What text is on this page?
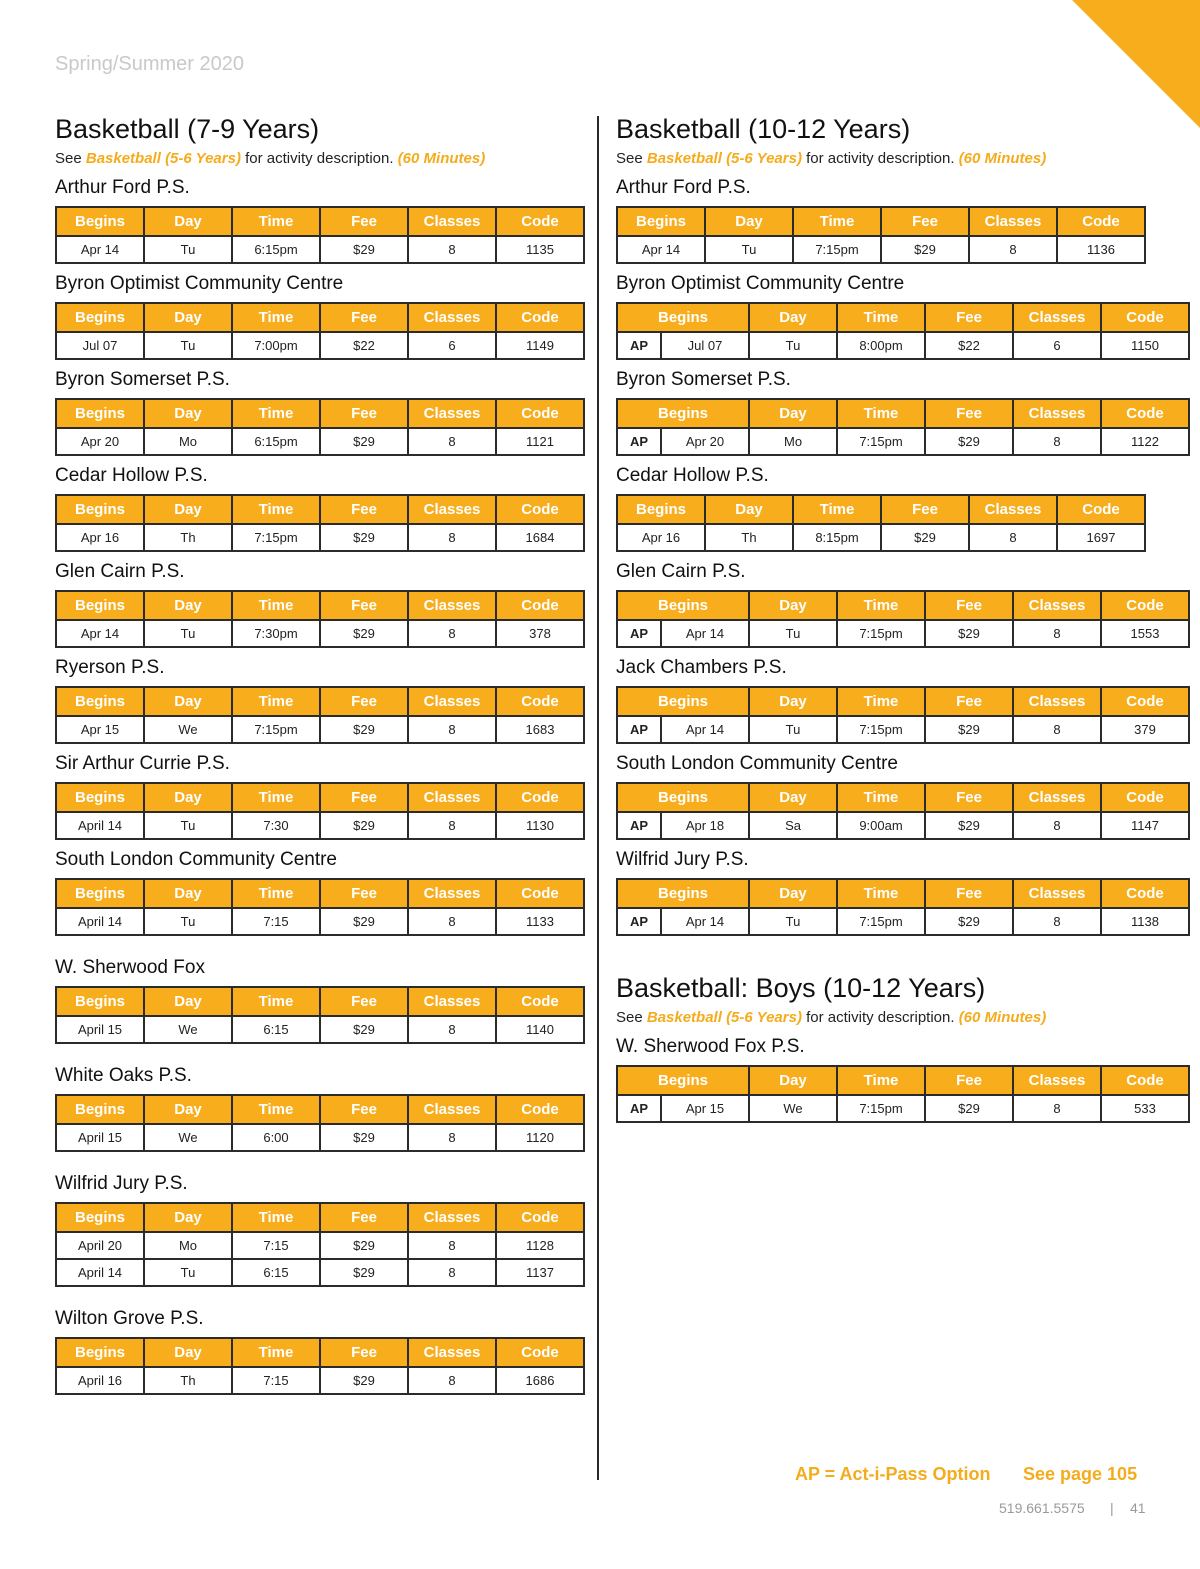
Spring/Summer 2020
Basketball (7-9 Years)
See Basketball (5-6 Years) for activity description. (60 Minutes)
Arthur Ford P.S.
Begins	Day	Time	Fee	Classes	Code
Apr 14	Tu	6:15pm	$29	8	1135
Byron Optimist Community Centre
Begins	Day	Time	Fee	Classes	Code
Jul 07	Tu	7:00pm	$22	6	1149
Byron Somerset P.S.
Begins	Day	Time	Fee	Classes	Code
Apr 20	Mo	6:15pm	$29	8	1121
Cedar Hollow P.S.
Begins	Day	Time	Fee	Classes	Code
Apr 16	Th	7:15pm	$29	8	1684
Glen Cairn P.S.
Begins	Day	Time	Fee	Classes	Code
Apr 14	Tu	7:30pm	$29	8	378
Ryerson P.S.
Begins	Day	Time	Fee	Classes	Code
Apr 15	We	7:15pm	$29	8	1683
Sir Arthur Currie P.S.
Begins	Day	Time	Fee	Classes	Code
April 14	Tu	7:30	$29	8	1130
South London Community Centre
Begins	Day	Time	Fee	Classes	Code
April 14	Tu	7:15	$29	8	1133
W. Sherwood Fox
Begins	Day	Time	Fee	Classes	Code
April 15	We	6:15	$29	8	1140
White Oaks P.S.
Begins	Day	Time	Fee	Classes	Code
April 15	We	6:00	$29	8	1120
Wilfrid Jury P.S.
Begins	Day	Time	Fee	Classes	Code
April 20	Mo	7:15	$29	8	1128
April 14	Tu	6:15	$29	8	1137
Wilton Grove P.S.
Begins	Day	Time	Fee	Classes	Code
April 16	Th	7:15	$29	8	1686
Basketball (10-12 Years)
See Basketball (5-6 Years) for activity description. (60 Minutes)
Arthur Ford P.S.
Begins	Day	Time	Fee	Classes	Code
Apr 14	Tu	7:15pm	$29	8	1136
Byron Optimist Community Centre
Begins		Day	Time	Fee	Classes	Code
AP	Jul 07	Tu	8:00pm	$22	6	1150
Byron Somerset P.S.
Begins		Day	Time	Fee	Classes	Code
AP	Apr 20	Mo	7:15pm	$29	8	1122
Cedar Hollow P.S.
Begins	Day	Time	Fee	Classes	Code
Apr 16	Th	8:15pm	$29	8	1697
Glen Cairn P.S.
Begins		Day	Time	Fee	Classes	Code
AP	Apr 14	Tu	7:15pm	$29	8	1553
Jack Chambers P.S.
Begins		Day	Time	Fee	Classes	Code
AP	Apr 14	Tu	7:15pm	$29	8	379
South London Community Centre
Begins		Day	Time	Fee	Classes	Code
AP	Apr 18	Sa	9:00am	$29	8	1147
Wilfrid Jury P.S.
Begins		Day	Time	Fee	Classes	Code
AP	Apr 14	Tu	7:15pm	$29	8	1138
Basketball: Boys (10-12 Years)
See Basketball (5-6 Years) for activity description. (60 Minutes)
W. Sherwood Fox P.S.
Begins		Day	Time	Fee	Classes	Code
AP	Apr 15	We	7:15pm	$29	8	533
AP = Act-i-Pass Option See page 105
519.661.5575 | 41
